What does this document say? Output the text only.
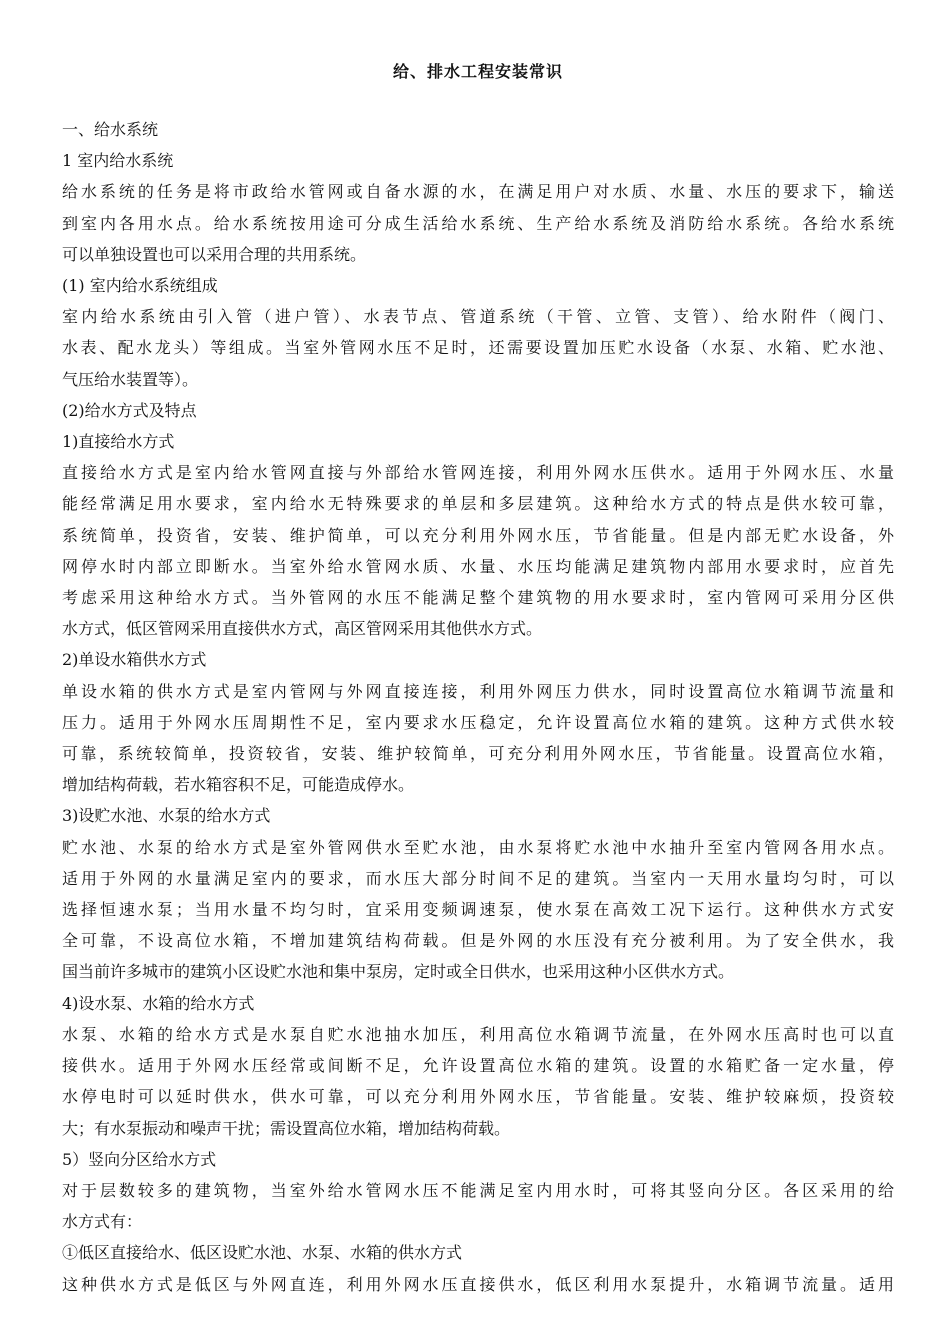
给、排水工程安装常识

一、给水系统

1 室内给水系统

给水系统的任务是将市政给水管网或自备水源的水，在满足用户对水质、水量、水压的要求下，输送

到室内各用水点。给水系统按用途可分成生活给水系统、生产给水系统及消防给水系统。各给水系统

可以单独设置也可以采用合理的共用系统。

(1) 室内给水系统组成

室内给水系统由引入管（进户管）、水表节点、管道系统（干管、立管、支管）、给水附件（阀门、

水表、配水龙头）等组成。当室外管网水压不足时，还需要设置加压贮水设备（水泵、水箱、贮水池、

气压给水装置等）。

(2)给水方式及特点

1)直接给水方式

直接给水方式是室内给水管网直接与外部给水管网连接，利用外网水压供水。适用于外网水压、水量

能经常满足用水要求，室内给水无特殊要求的单层和多层建筑。这种给水方式的特点是供水较可靠，

系统简单，投资省，安装、维护简单，可以充分利用外网水压，节省能量。但是内部无贮水设备，外

网停水时内部立即断水。当室外给水管网水质、水量、水压均能满足建筑物内部用水要求时，应首先

考虑采用这种给水方式。当外管网的水压不能满足整个建筑物的用水要求时，室内管网可采用分区供

水方式，低区管网采用直接供水方式，高区管网采用其他供水方式。

2)单设水箱供水方式

单设水箱的供水方式是室内管网与外网直接连接，利用外网压力供水，同时设置高位水箱调节流量和

压力。适用于外网水压周期性不足，室内要求水压稳定，允许设置高位水箱的建筑。这种方式供水较

可靠，系统较简单，投资较省，安装、维护较简单，可充分利用外网水压，节省能量。设置高位水箱，

增加结构荷载，若水箱容积不足，可能造成停水。

3)设贮水池、水泵的给水方式

贮水池、水泵的给水方式是室外管网供水至贮水池，由水泵将贮水池中水抽升至室内管网各用水点。

适用于外网的水量满足室内的要求，而水压大部分时间不足的建筑。当室内一天用水量均匀时，可以

选择恒速水泵；当用水量不均匀时，宜采用变频调速泵，使水泵在高效工况下运行。这种供水方式安

全可靠，不设高位水箱，不增加建筑结构荷载。但是外网的水压没有充分被利用。为了安全供水，我

国当前许多城市的建筑小区设贮水池和集中泵房，定时或全日供水，也采用这种小区供水方式。

4)设水泵、水箱的给水方式

水泵、水箱的给水方式是水泵自贮水池抽水加压，利用高位水箱调节流量，在外网水压高时也可以直

接供水。适用于外网水压经常或间断不足，允许设置高位水箱的建筑。设置的水箱贮备一定水量，停

水停电时可以延时供水，供水可靠，可以充分利用外网水压，节省能量。安装、维护较麻烦，投资较

大；有水泵振动和噪声干扰；需设置高位水箱，增加结构荷载。

5）竖向分区给水方式

对于层数较多的建筑物，当室外给水管网水压不能满足室内用水时，可将其竖向分区。各区采用的给

水方式有：

①低区直接给水、低区设贮水池、水泵、水箱的供水方式

这种供水方式是低区与外网直连，利用外网水压直接供水，低区利用水泵提升，水箱调节流量。适用
